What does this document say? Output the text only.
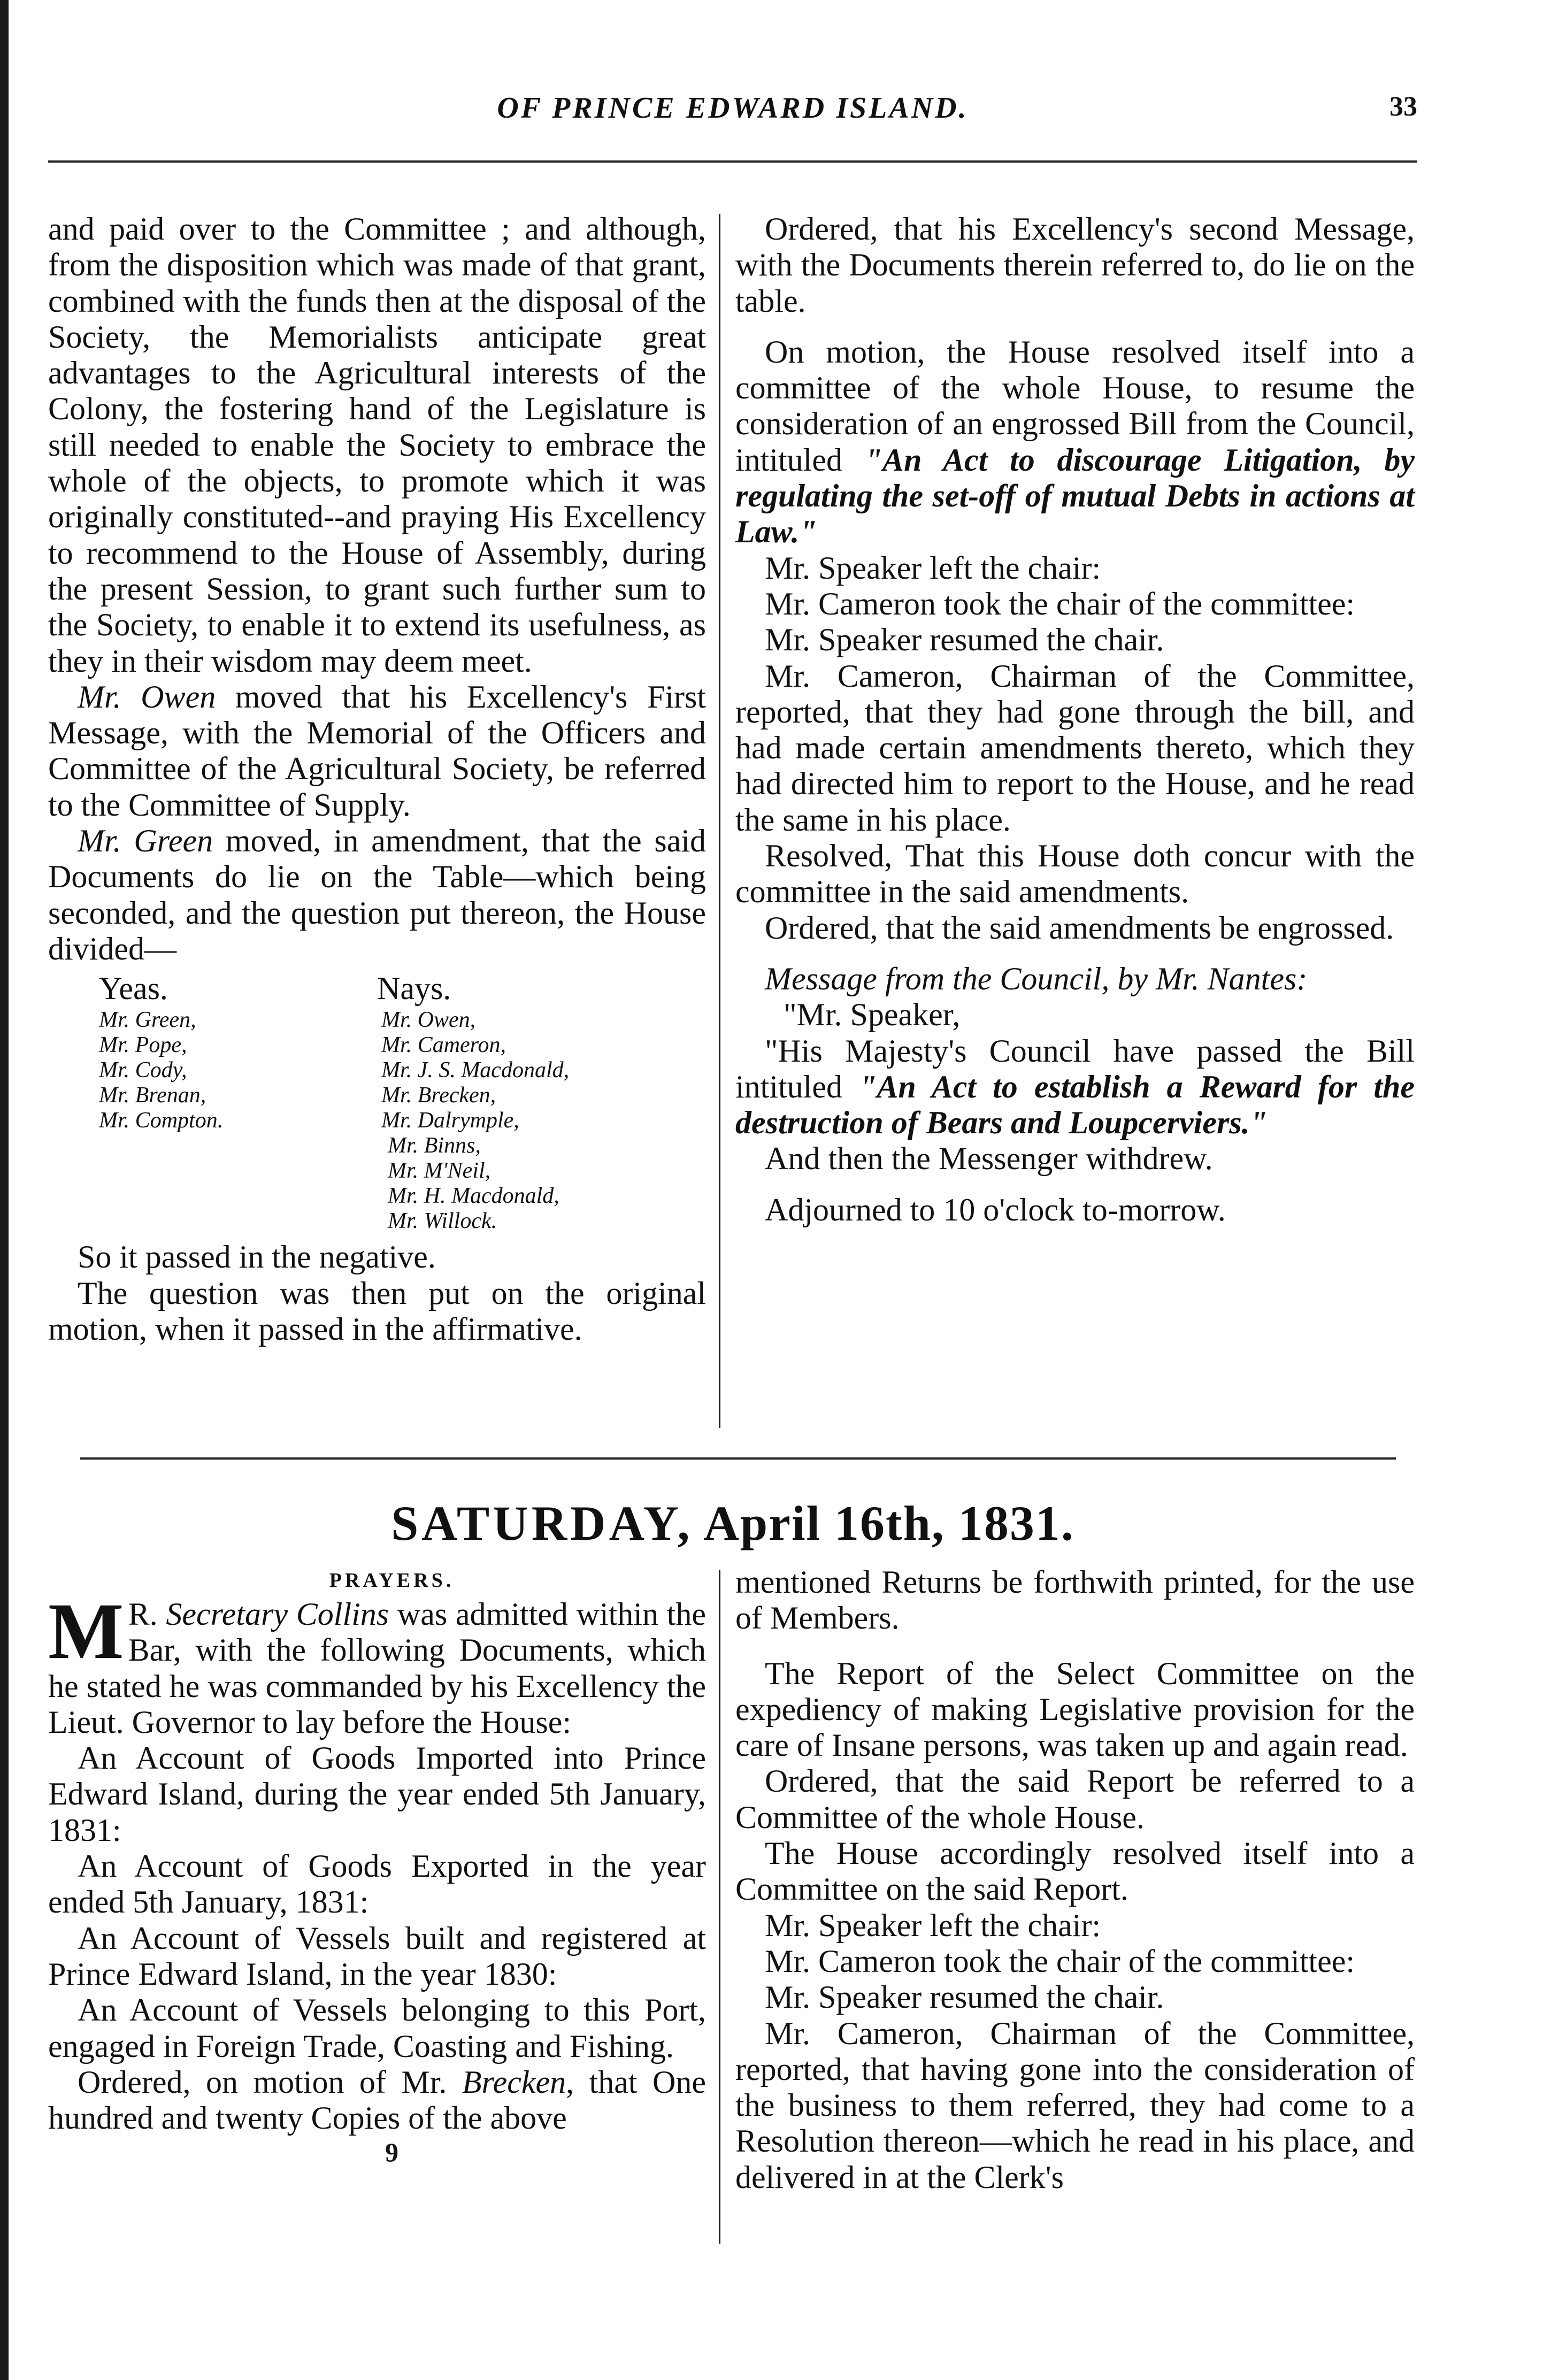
OF PRINCE EDWARD ISLAND.	33

and paid over to the Committee ; and although, from the disposition which was made of that grant, combined with the funds then at the disposal of the Society, the Memorialists anticipate great advantages to the Agricultural interests of the Colony, the fostering hand of the Legislature is still needed to enable the Society to embrace the whole of the objects, to promote which it was originally constituted--and praying His Excellency to recommend to the House of Assembly, during the present Session, to grant such further sum to the Society, to enable it to extend its usefulness, as they in their wisdom may deem meet.

Mr. Owen moved that his Excellency's First Message, with the Memorial of the Officers and Committee of the Agricultural Society, be referred to the Committee of Supply.

Mr. Green moved, in amendment, that the said Documents do lie on the Table—which being seconded, and the question put thereon, the House divided—

Yeas.
Mr. Green,
Mr. Pope,
Mr. Cody,
Mr. Brenan,
Mr. Compton.
Nays.
Mr. Owen,
Mr. Cameron,
Mr. J. S. Macdonald,
Mr. Brecken,
Mr. Dalrymple,
Mr. Binns,
Mr. M'Neil,
Mr. H. Macdonald,
Mr. Willock.

So it passed in the negative.

The question was then put on the original motion, when it passed in the affirmative.

Ordered, that his Excellency's second Message, with the Documents therein referred to, do lie on the table.

On motion, the House resolved itself into a committee of the whole House, to resume the consideration of an engrossed Bill from the Council, intituled "An Act to discourage Litigation, by regulating the set-off of mutual Debts in actions at Law."

Mr. Speaker left the chair:

Mr. Cameron took the chair of the committee:

Mr. Speaker resumed the chair.

Mr. Cameron, Chairman of the Committee, reported, that they had gone through the bill, and had made certain amendments thereto, which they had directed him to report to the House, and he read the same in his place.

Resolved, That this House doth concur with the committee in the said amendments.

Ordered, that the said amendments be engrossed.

Message from the Council, by Mr. Nantes:

"Mr. Speaker,

"His Majesty's Council have passed the Bill intituled "An Act to establish a Reward for the destruction of Bears and Loupcerviers."

And then the Messenger withdrew.

Adjourned to 10 o'clock to-morrow.

SATURDAY, April 16th, 1831.

PRAYERS.

M R. Secretary Collins was admitted within the Bar, with the following Documents, which he stated he was commanded by his Excellency the Lieut. Governor to lay before the House:

An Account of Goods Imported into Prince Edward Island, during the year ended 5th January, 1831:

An Account of Goods Exported in the year ended 5th January, 1831:

An Account of Vessels built and registered at Prince Edward Island, in the year 1830:

An Account of Vessels belonging to this Port, engaged in Foreign Trade, Coasting and Fishing.

Ordered, on motion of Mr. Brecken, that One hundred and twenty Copies of the above

9

mentioned Returns be forthwith printed, for the use of Members.

The Report of the Select Committee on the expediency of making Legislative provision for the care of Insane persons, was taken up and again read.

Ordered, that the said Report be referred to a Committee of the whole House.

The House accordingly resolved itself into a Committee on the said Report.

Mr. Speaker left the chair:

Mr. Cameron took the chair of the committee:

Mr. Speaker resumed the chair.

Mr. Cameron, Chairman of the Committee, reported, that having gone into the consideration of the business to them referred, they had come to a Resolution thereon—which he read in his place, and delivered in at the Clerk's
